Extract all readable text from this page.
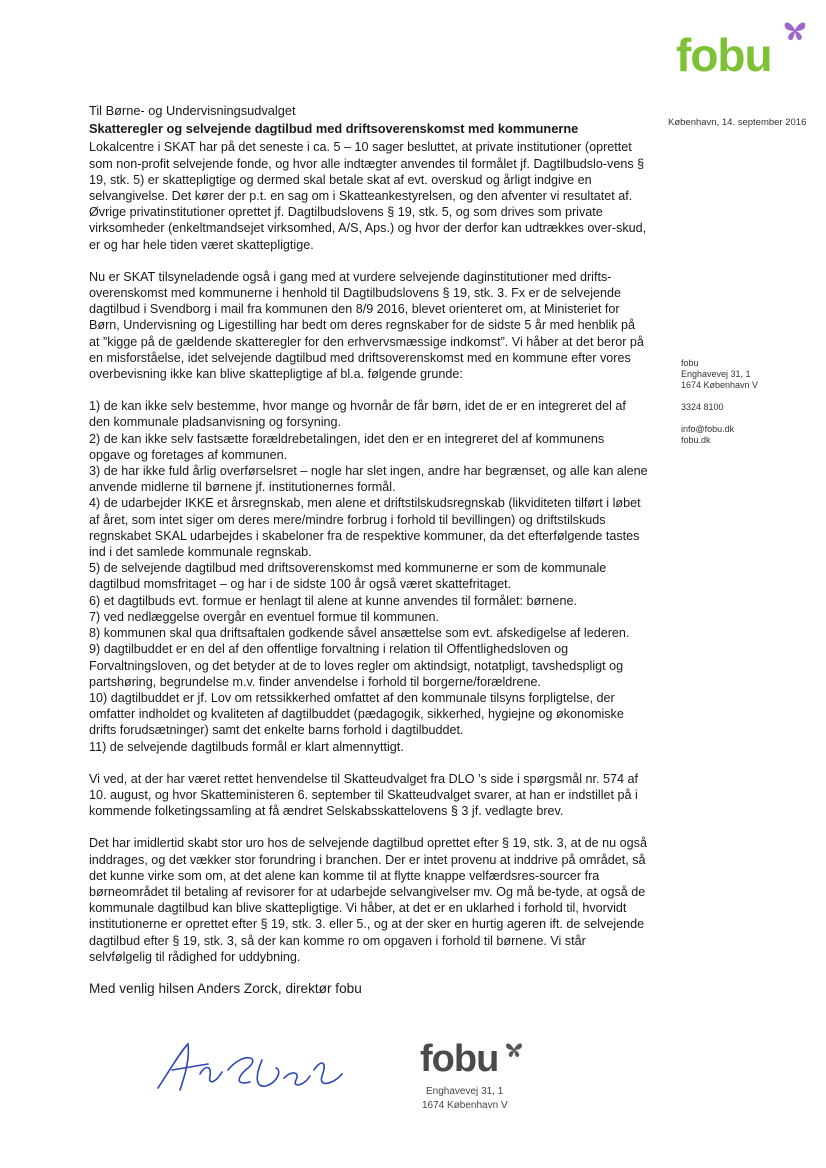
fobu
København, 14. september 2016
fobu
Enghavevej 31, 1
1674 København V
3324 8100
info@fobu.dk
fobu.dk

Til Børne- og Undervisningsudvalget

Skatteregler og selvejende dagtilbud med driftsoverenskomst med kommunerne

Lokalcentre i SKAT har på det seneste i ca. 5 – 10 sager besluttet, at private institutioner (oprettet som non-profit selvejende fonde, og hvor alle indtægter anvendes til formålet jf. Dagtilbudslo-vens § 19, stk. 5) er skattepligtige og dermed skal betale skat af evt. overskud og årligt indgive en selvangivelse. Det kører der p.t. en sag om i Skatteankestyrelsen, og den afventer vi resultatet af. Øvrige privatinstitutioner oprettet jf. Dagtilbudslovens § 19, stk. 5, og som drives som private virksomheder (enkeltmandsejet virksomhed, A/S, Aps.) og hvor der derfor kan udtrækkes over-skud, er og har hele tiden været skattepligtige.

Nu er SKAT tilsyneladende også i gang med at vurdere selvejende daginstitutioner med drifts-overenskomst med kommunerne i henhold til Dagtilbudslovens § 19, stk. 3. Fx er de selvejende dagtilbud i Svendborg i mail fra kommunen den 8/9 2016, blevet orienteret om, at Ministeriet for Børn, Undervisning og Ligestilling har bedt om deres regnskaber for de sidste 5 år med henblik på at ”kigge på de gældende skatteregler for den erhvervsmæssige indkomst”. Vi håber at det beror på en misforståelse, idet selvejende dagtilbud med driftsoverenskomst med en kommune efter vores overbevisning ikke kan blive skattepligtige af bl.a. følgende grunde:

1) de kan ikke selv bestemme, hvor mange og hvornår de får børn, idet de er en integreret del af den kommunale pladsanvisning og forsyning.
2) de kan ikke selv fastsætte forældrebetalingen, idet den er en integreret del af kommunens opgave og foretages af kommunen.
3) de har ikke fuld årlig overførselsret – nogle har slet ingen, andre har begrænset, og alle kan alene anvende midlerne til børnene jf. institutionernes formål.
4) de udarbejder IKKE et årsregnskab, men alene et driftstilskudsregnskab (likviditeten tilført i løbet af året, som intet siger om deres mere/mindre forbrug i forhold til bevillingen) og driftstilskuds regnskabet SKAL udarbejdes i skabeloner fra de respektive kommuner, da det efterfølgende tastes ind i det samlede kommunale regnskab.
5) de selvejende dagtilbud med driftsoverenskomst med kommunerne er som de kommunale dagtilbud momsfritaget – og har i de sidste 100 år også været skattefritaget.
6) et dagtilbuds evt. formue er henlagt til alene at kunne anvendes til formålet: børnene.
7) ved nedlæggelse overgår en eventuel formue til kommunen.
8) kommunen skal qua driftsaftalen godkende såvel ansættelse som evt. afskedigelse af lederen.
9) dagtilbuddet er en del af den offentlige forvaltning i relation til Offentlighedsloven og Forvaltningsloven, og det betyder at de to loves regler om aktindsigt, notatpligt, tavshedspligt og partshøring, begrundelse m.v. finder anvendelse i forhold til borgerne/forældrene.
10) dagtilbuddet er jf. Lov om retssikkerhed omfattet af den kommunale tilsyns forpligtelse, der omfatter indholdet og kvaliteten af dagtilbuddet (pædagogik, sikkerhed, hygiejne og økonomiske drifts forudsætninger) samt det enkelte barns forhold i dagtilbuddet.
11) de selvejende dagtilbuds formål er klart almennyttigt.

Vi ved, at der har været rettet henvendelse til Skatteudvalget fra DLO ’s side i spørgsmål nr. 574 af 10. august, og hvor Skatteministeren 6. september til Skatteudvalget svarer, at han er indstillet på i kommende folketingssamling at få ændret Selskabsskattelovens § 3 jf. vedlagte brev.

Det har imidlertid skabt stor uro hos de selvejende dagtilbud oprettet efter § 19, stk. 3, at de nu også inddrages, og det vækker stor forundring i branchen. Der er intet provenu at inddrive på området, så det kunne virke som om, at det alene kan komme til at flytte knappe velfærdsres-sourcer fra børneområdet til betaling af revisorer for at udarbejde selvangivelser mv. Og må be-tyde, at også de kommunale dagtilbud kan blive skattepligtige. Vi håber, at det er en uklarhed i forhold til, hvorvidt institutionerne er oprettet efter § 19, stk. 3. eller 5., og at der sker en hurtig ageren ift. de selvejende dagtilbud efter § 19, stk. 3, så der kan komme ro om opgaven i forhold til børnene. Vi står selvfølgelig til rådighed for uddybning.

Med venlig hilsen Anders Zorck, direktør fobu

fobu
Enghavevej 31, 1
1674 København V
